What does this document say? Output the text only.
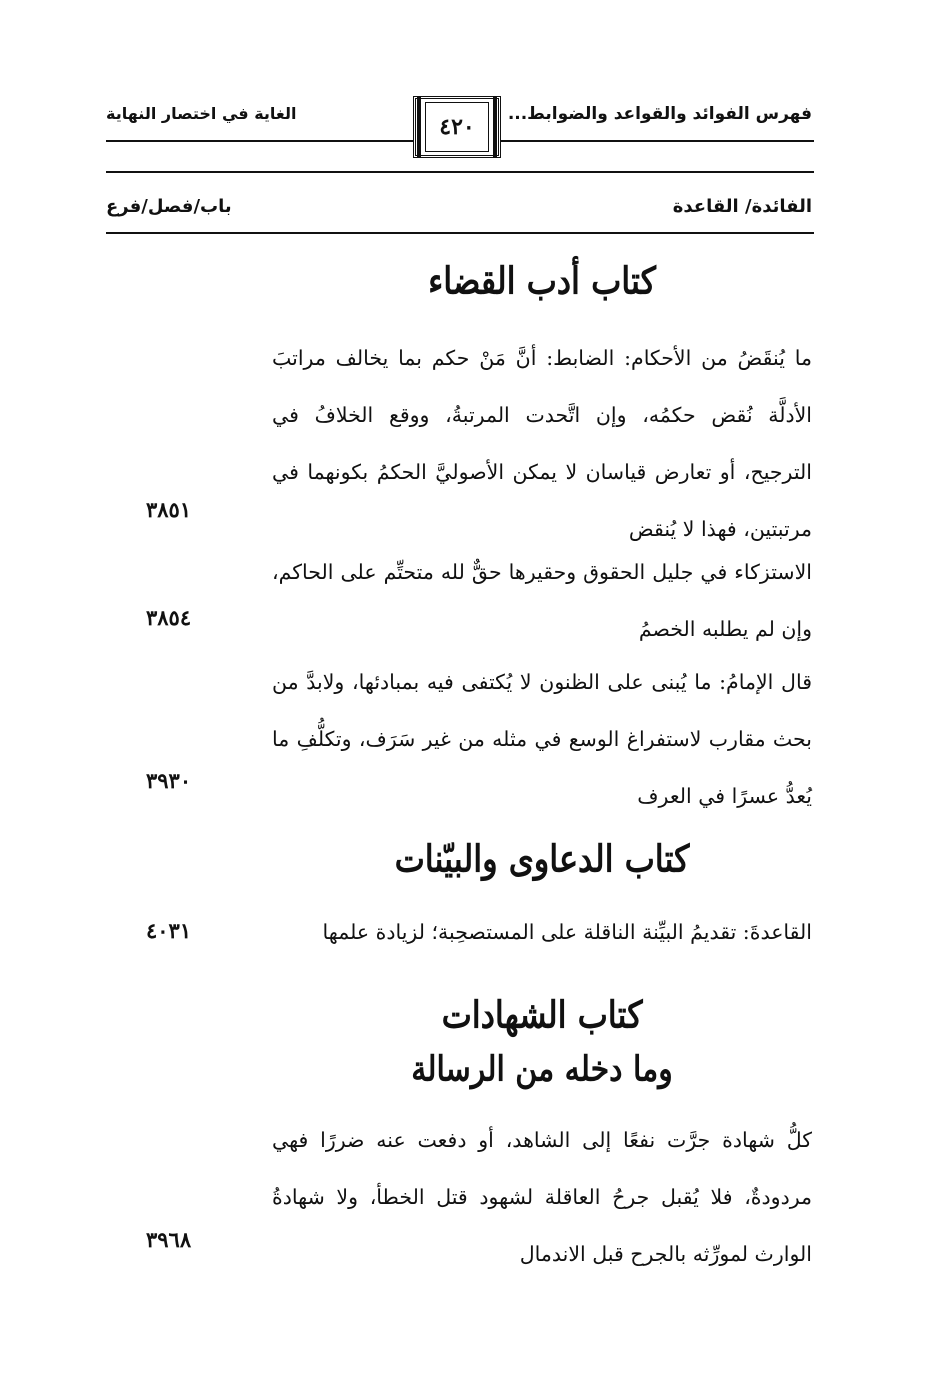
فهرس الفوائد والقواعد والضوابط...
الغاية في اختصار النهاية
٤٢٠
الفائدة/ القاعدة
باب/فصل/فرع
كتاب أدب القضاء
ما يُنقَضُ من الأحكام: الضابط: أنَّ مَنْ حكم بما يخالف مراتبَ الأدلَّة نُقض حكمُه، وإن اتَّحدت المرتبةُ، ووقع الخلافُ في الترجيح، أو تعارض قياسان لا يمكن الأصوليَّ الحكمُ بكونهما في مرتبتين، فهذا لا يُنقض
٣٨٥١
الاستزكاء في جليل الحقوق وحقيرها حقٌّ لله متحتِّم على الحاكم، وإن لم يطلبه الخصمُ
٣٨٥٤
قال الإمامُ: ما يُبنى على الظنون لا يُكتفى فيه بمبادئها، ولابدَّ من بحث مقارب لاستفراغ الوسع في مثله من غير سَرَف، وتكلُّفِ ما يُعدُّ عسرًا في العرف
٣٩٣٠
كتاب الدعاوى والبيّنات
القاعدةَ: تقديمُ البيِّنة الناقلة على المستصحِبة؛ لزيادة علمها
٤٠٣١
كتاب الشهادات
وما دخله من الرسالة
كلُّ شهادة جرَّت نفعًا إلى الشاهد، أو دفعت عنه ضررًا فهي مردودةٌ، فلا يُقبل جرحُ العاقلة لشهود قتل الخطأ، ولا شهادةُ الوارث لمورِّثه بالجرح قبل الاندمال
٣٩٦٨
